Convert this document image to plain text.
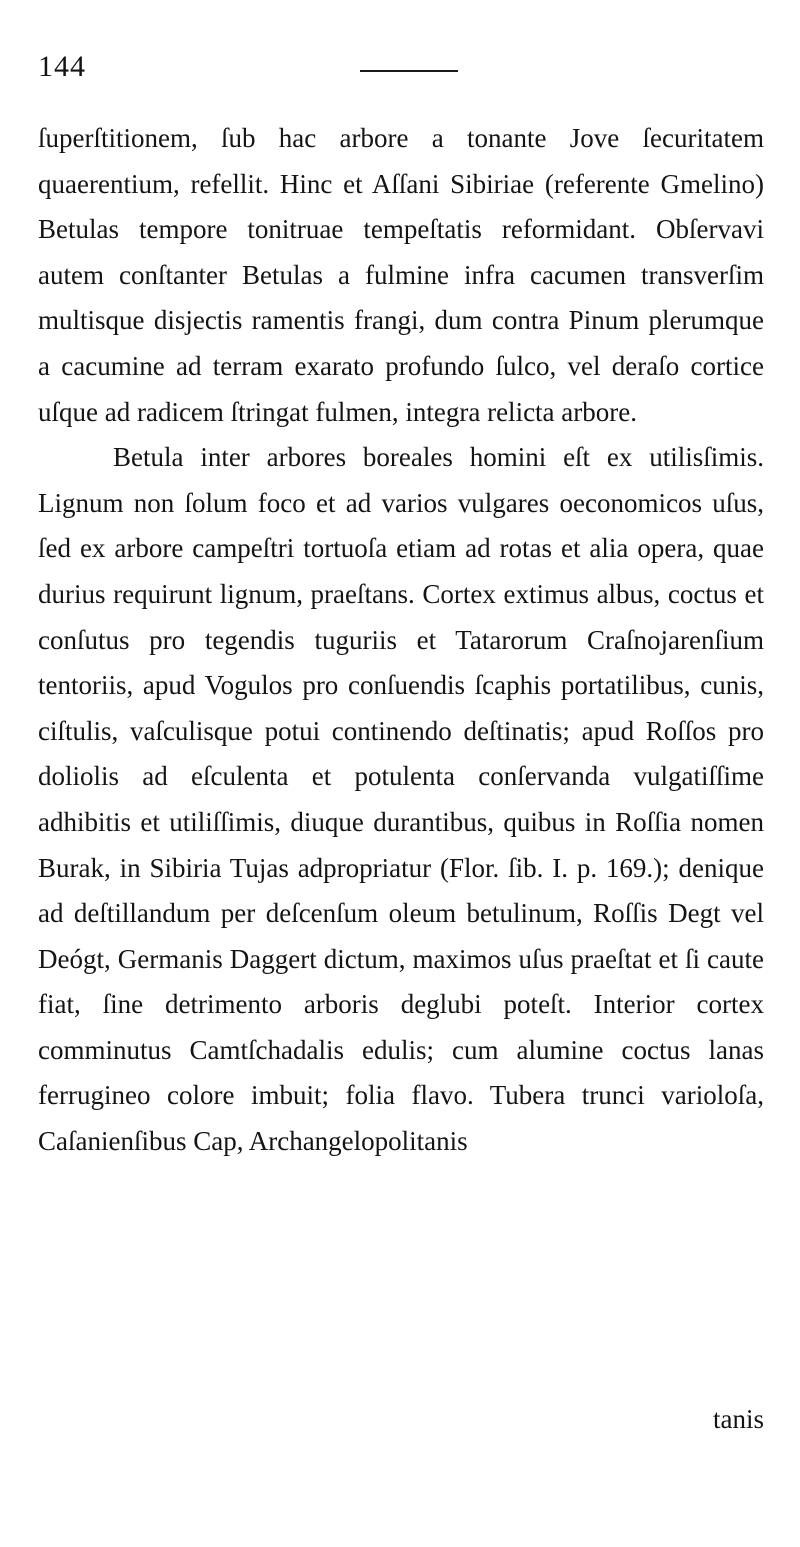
144

ſuperſtitionem, ſub hac arbore a tonante Jove ſecuritatem quaerentium, refellit. Hinc et Aſſani Sibiriae (referente Gmelino) Betulas tempore tonitruae tempeſtatis reformidant. Obſervavi autem conſtanter Betulas a fulmine infra cacumen transverſim multisque disjectis ramentis frangi, dum contra Pinum plerumque a cacumine ad terram exarato profundo ſulco, vel deraſo cortice uſque ad radicem ſtringat fulmen, integra relicta arbore.

Betula inter arbores boreales homini eſt ex utilisſimis. Lignum non ſolum foco et ad varios vulgares oeconomicos uſus, ſed ex arbore campeſtri tortuoſa etiam ad rotas et alia opera, quae durius requirunt lignum, praeſtans. Cortex extimus albus, coctus et conſutus pro tegendis tuguriis et Tatarorum Craſnojarenſium tentoriis, apud Vogulos pro conſuendis ſcaphis portatilibus, cunis, ciſtulis, vaſculisque potui continendo deſtinatis; apud Roſſos pro doliolis ad eſculenta et potulenta conſervanda vulgatiſſime adhibitis et utiliſſimis, diuque durantibus, quibus in Roſſia nomen Burak, in Sibiria Tujas adpropriatur (Flor. ſib. I. p. 169.); denique ad deſtillandum per deſcenſum oleum betulinum, Roſſis Degt vel Deógt, Germanis Daggert dictum, maximos uſus praeſtat et ſi caute fiat, ſine detrimento arboris deglubi poteſt. Interior cortex comminutus Camtſchadalis edulis; cum alumine coctus lanas ferrugineo colore imbuit; folia flavo. Tubera trunci varioloſa, Caſanienſibus Cap, Archangelopolitanis

tanis
